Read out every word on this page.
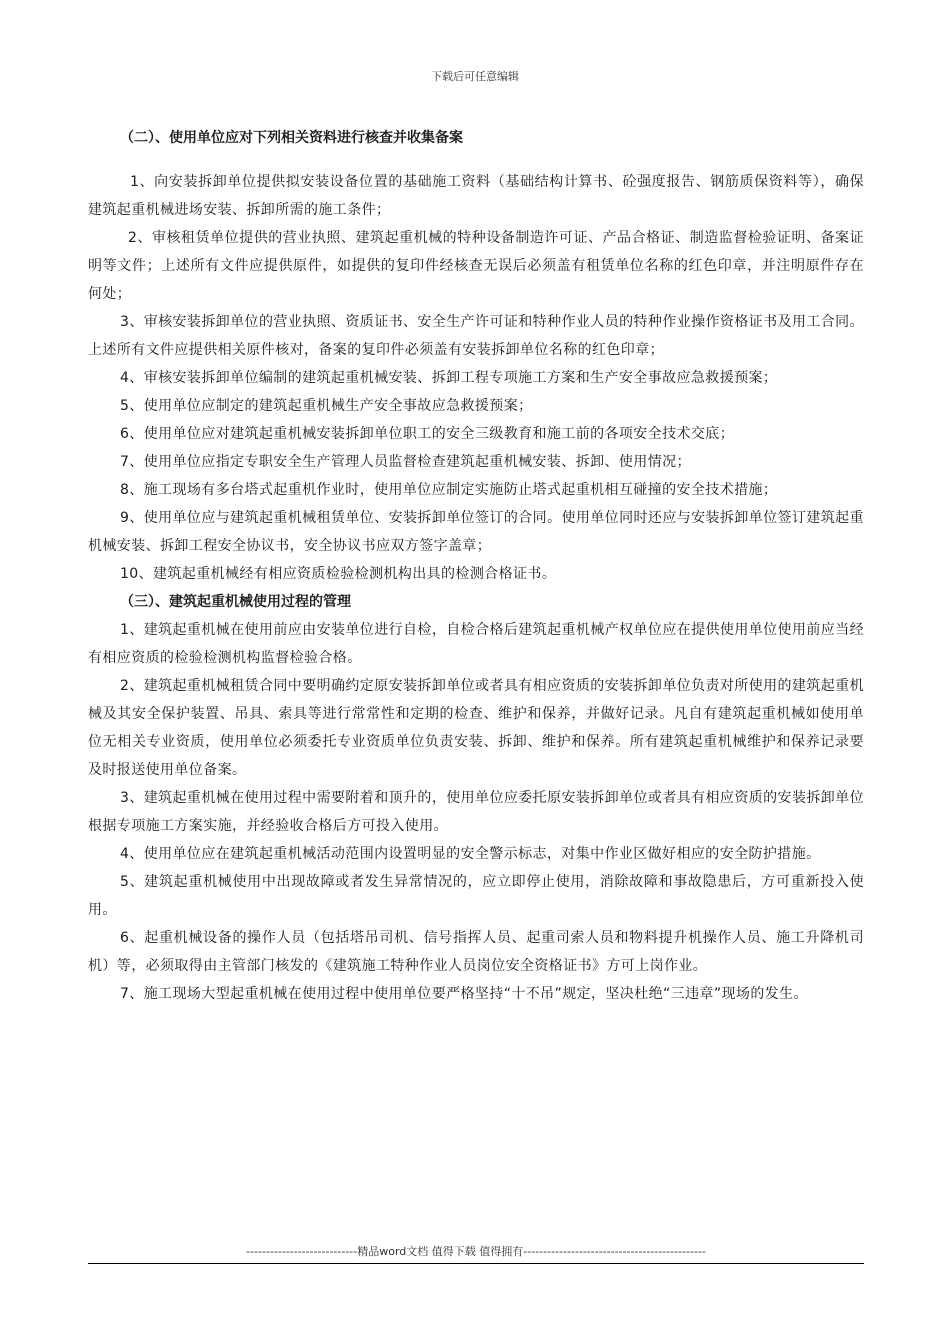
下载后可任意编辑

（二）、使用单位应对下列相关资料进行核查并收集备案

1、向安装拆卸单位提供拟安装设备位置的基础施工资料（基础结构计算书、砼强度报告、钢筋质保资料等），确保建筑起重机械进场安装、拆卸所需的施工条件；

2、审核租赁单位提供的营业执照、建筑起重机械的特种设备制造许可证、产品合格证、制造监督检验证明、备案证明等文件；上述所有文件应提供原件，如提供的复印件经核查无误后必须盖有租赁单位名称的红色印章，并注明原件存在何处；

3、审核安装拆卸单位的营业执照、资质证书、安全生产许可证和特种作业人员的特种作业操作资格证书及用工合同。上述所有文件应提供相关原件核对，备案的复印件必须盖有安装拆卸单位名称的红色印章；

4、审核安装拆卸单位编制的建筑起重机械安装、拆卸工程专项施工方案和生产安全事故应急救援预案；

5、使用单位应制定的建筑起重机械生产安全事故应急救援预案；

6、使用单位应对建筑起重机械安装拆卸单位职工的安全三级教育和施工前的各项安全技术交底；

7、使用单位应指定专职安全生产管理人员监督检查建筑起重机械安装、拆卸、使用情况；

8、施工现场有多台塔式起重机作业时，使用单位应制定实施防止塔式起重机相互碰撞的安全技术措施；

9、使用单位应与建筑起重机械租赁单位、安装拆卸单位签订的合同。使用单位同时还应与安装拆卸单位签订建筑起重机械安装、拆卸工程安全协议书，安全协议书应双方签字盖章；

10、建筑起重机械经有相应资质检验检测机构出具的检测合格证书。

（三）、建筑起重机械使用过程的管理

1、建筑起重机械在使用前应由安装单位进行自检，自检合格后建筑起重机械产权单位应在提供使用单位使用前应当经有相应资质的检验检测机构监督检验合格。

2、建筑起重机械租赁合同中要明确约定原安装拆卸单位或者具有相应资质的安装拆卸单位负责对所使用的建筑起重机械及其安全保护装置、吊具、索具等进行常常性和定期的检查、维护和保养，并做好记录。凡自有建筑起重机械如使用单位无相关专业资质，使用单位必须委托专业资质单位负责安装、拆卸、维护和保养。所有建筑起重机械维护和保养记录要及时报送使用单位备案。

3、建筑起重机械在使用过程中需要附着和顶升的，使用单位应委托原安装拆卸单位或者具有相应资质的安装拆卸单位根据专项施工方案实施，并经验收合格后方可投入使用。

4、使用单位应在建筑起重机械活动范围内设置明显的安全警示标志，对集中作业区做好相应的安全防护措施。

5、建筑起重机械使用中出现故障或者发生异常情况的，应立即停止使用，消除故障和事故隐患后，方可重新投入使用。

6、起重机械设备的操作人员（包括塔吊司机、信号指挥人员、起重司索人员和物料提升机操作人员、施工升降机司机）等，必须取得由主管部门核发的《建筑施工特种作业人员岗位安全资格证书》方可上岗作业。

7、施工现场大型起重机械在使用过程中使用单位要严格坚持“十不吊”规定，坚决杜绝“三违章”现场的发生。

----------------------------精品word文档 值得下载 值得拥有----------------------------------------------
